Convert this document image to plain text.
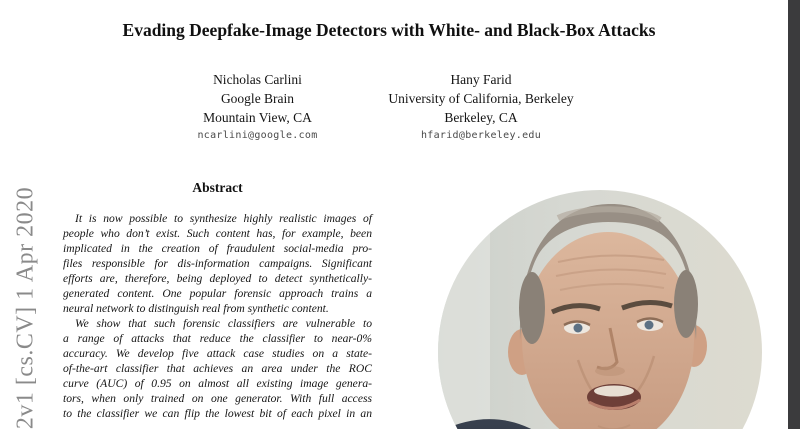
2v1 [cs.CV] 1 Apr 2020
Evading Deepfake-Image Detectors with White- and Black-Box Attacks
Nicholas Carlini
Google Brain
Mountain View, CA
ncarlini@google.com
Hany Farid
University of California, Berkeley
Berkeley, CA
hfarid@berkeley.edu
Abstract
It is now possible to synthesize highly realistic images of
people who don’t exist. Such content has, for example, been
implicated in the creation of fraudulent social-media pro-
files responsible for dis-information campaigns. Significant
efforts are, therefore, being deployed to detect synthetically-
generated content. One popular forensic approach trains a
neural network to distinguish real from synthetic content.
We show that such forensic classifiers are vulnerable to
a range of attacks that reduce the classifier to near-0%
accuracy. We develop five attack case studies on a state-
of-the-art classifier that achieves an area under the ROC
curve (AUC) of 0.95 on almost all existing image genera-
tors, when only trained on one generator. With full access
to the classifier we can flip the lowest bit of each pixel in an
